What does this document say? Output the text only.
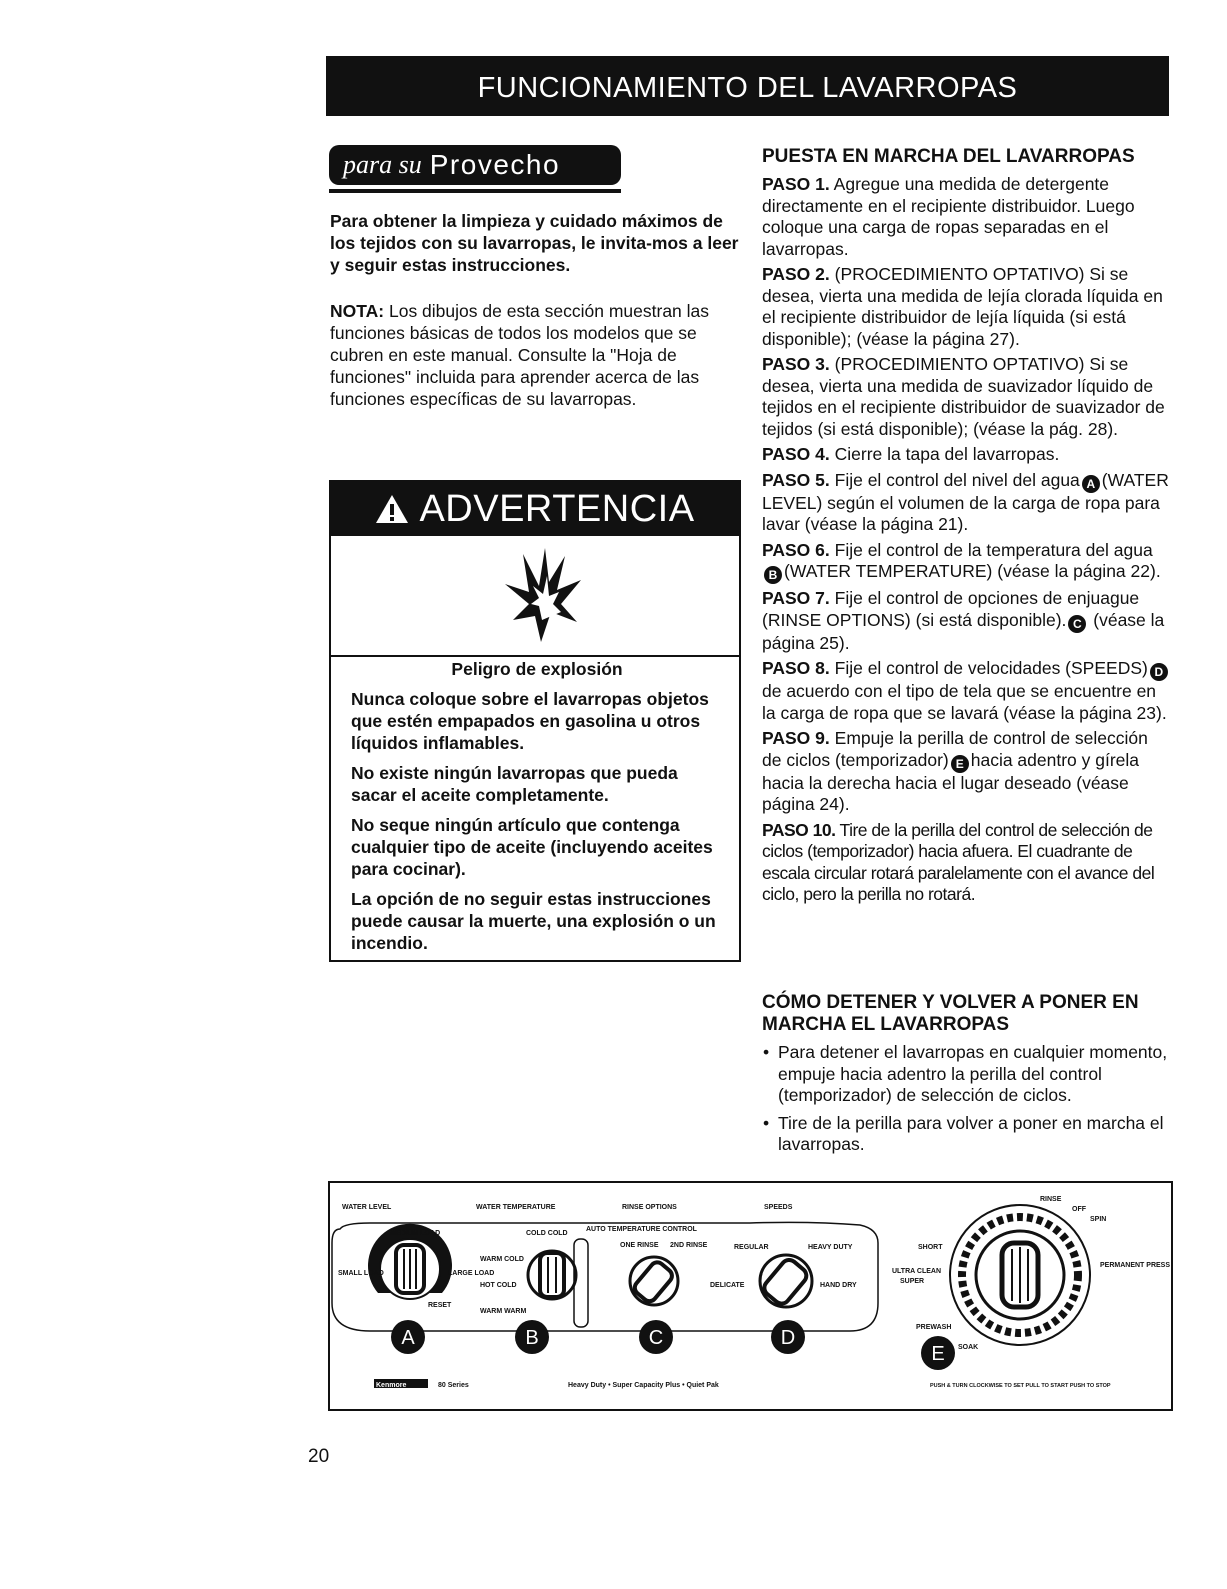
FUNCIONAMIENTO DEL LAVARROPAS
para su Provecho
Para obtener la limpieza y cuidado máximos de los tejidos con su lavarropas, le invita-mos a leer y seguir estas instrucciones.
NOTA: Los dibujos de esta sección muestran las funciones básicas de todos los modelos que se cubren en este manual. Consulte la "Hoja de funciones" incluida para aprender acerca de las funciones específicas de su lavarropas.
ADVERTENCIA
Peligro de explosión

Nunca coloque sobre el lavarropas objetos que estén empapados en gasolina u otros líquidos inflamables.

No existe ningún lavarropas que pueda sacar el aceite completamente.

No seque ningún artículo que contenga cualquier tipo de aceite (incluyendo aceites para cocinar).

La opción de no seguir estas instrucciones puede causar la muerte, una explosión o un incendio.

PUESTA EN MARCHA DEL LAVARROPAS

PASO 1. Agregue una medida de detergente directamente en el recipiente distribuidor. Luego coloque una carga de ropas separadas en el lavarropas.

PASO 2. (PROCEDIMIENTO OPTATIVO) Si se desea, vierta una medida de lejía clorada líquida en el recipiente distribuidor de lejía líquida (si está disponible); (véase la página 27).

PASO 3. (PROCEDIMIENTO OPTATIVO) Si se desea, vierta una medida de suavizador líquido de tejidos en el recipiente distribuidor de suavizador de tejidos (si está disponible); (véase la pág. 28).

PASO 4. Cierre la tapa del lavarropas.

PASO 5. Fije el control del nivel del agua A (WATER LEVEL) según el volumen de la carga de ropa para lavar (véase la página 21).

PASO 6. Fije el control de la temperatura del aguaB (WATER TEMPERATURE) (véase la página 22).

PASO 7. Fije el control de opciones de enjuague (RINSE OPTIONS) (si está disponible). C (véase la página 25).

PASO 8. Fije el control de velocidades (SPEEDS) Dde acuerdo con el tipo de tela que se encuentre en la carga de ropa que se lavará (véase la página 23).

PASO 9. Empuje la perilla de control de selección de ciclos (temporizador) E hacia adentro y gírela hacia la derecha hacia el lugar deseado (véase página 24).

PASO 10. Tire de la perilla del control de selección de ciclos (temporizador) hacia afuera. El cuadrante de escala circular rotará paralelamente con el avance del ciclo, pero la perilla no rotará.

CÓMO DETENER Y VOLVER A PONER EN MARCHA EL LAVARROPAS
• Para detener el lavarropas en cualquier momento, empuje hacia adentro la perilla del control (temporizador) de selección de ciclos.
• Tire de la perilla para volver a poner en marcha el lavarropas.
WATER LEVEL	WATER TEMPERATURE	RINSE OPTIONS	SPEEDS
MEDIUM LOAD
SMALL LOAD	LARGE LOAD
RESET
COLD COLD
WARM COLD
HOT COLD
WARM WARM
AUTO TEMPERATURE CONTROL
ONE RINSE 2ND RINSE	REGULAR	HEAVY DUTY
DELICATE	HAND DRY
A	B	C	D
SHORT
ULTRA CLEAN
SUPER
PREWASH
SOAK
PERMANENT PRESS
RINSE
SPIN
OFF
E
Kenmore	80 Series	Heavy Duty • Super Capacity Plus • Quiet Pak	PUSH & TURN CLOCKWISE TO SET PULL TO START PUSH TO STOP
20
